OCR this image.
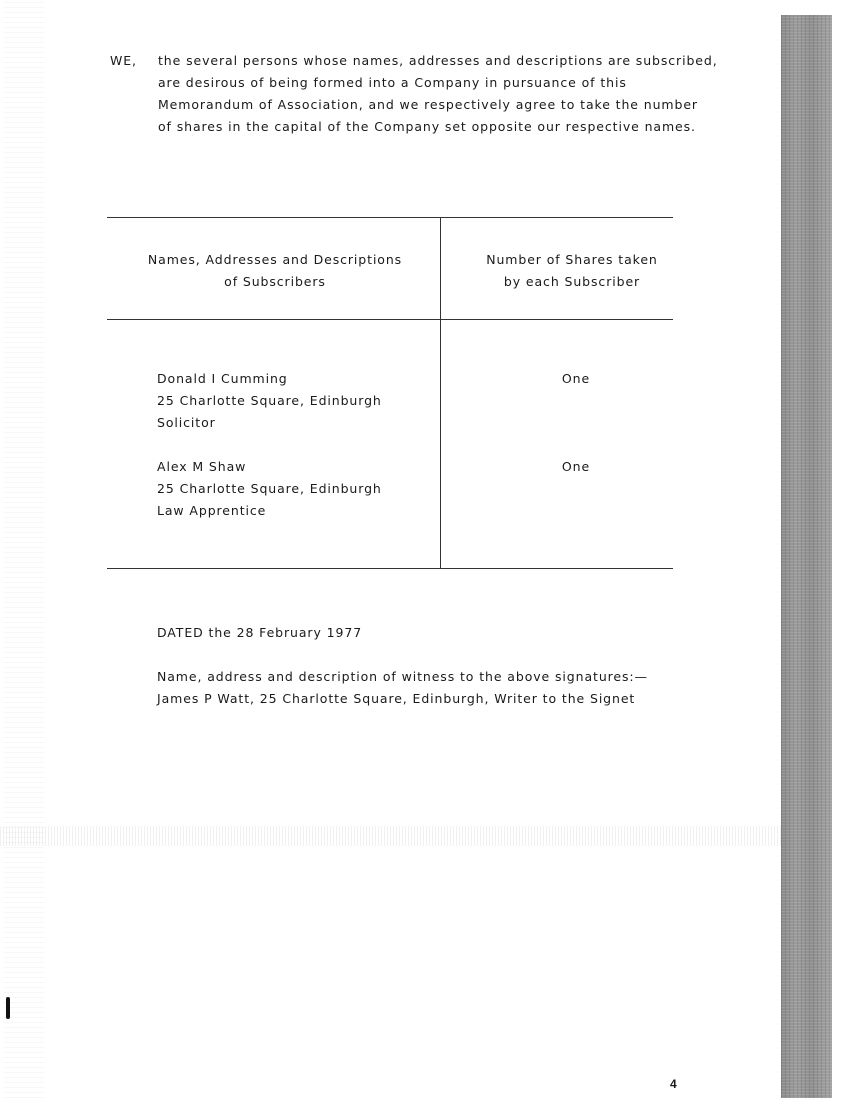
WE, the several persons whose names, addresses and descriptions are subscribed,
are desirous of being formed into a Company in pursuance of this
Memorandum of Association, and we respectively agree to take the number
of shares in the capital of the Company set opposite our respective names.
Names, Addresses and Descriptions
of Subscribers
Number of Shares taken
by each Subscriber
Donald I Cumming
25 Charlotte Square, Edinburgh
Solicitor
One
Alex M Shaw
25 Charlotte Square, Edinburgh
Law Apprentice
One
DATED the 28 February 1977
Name, address and description of witness to the above signatures:—
James P Watt, 25 Charlotte Square, Edinburgh, Writer to the Signet
4
